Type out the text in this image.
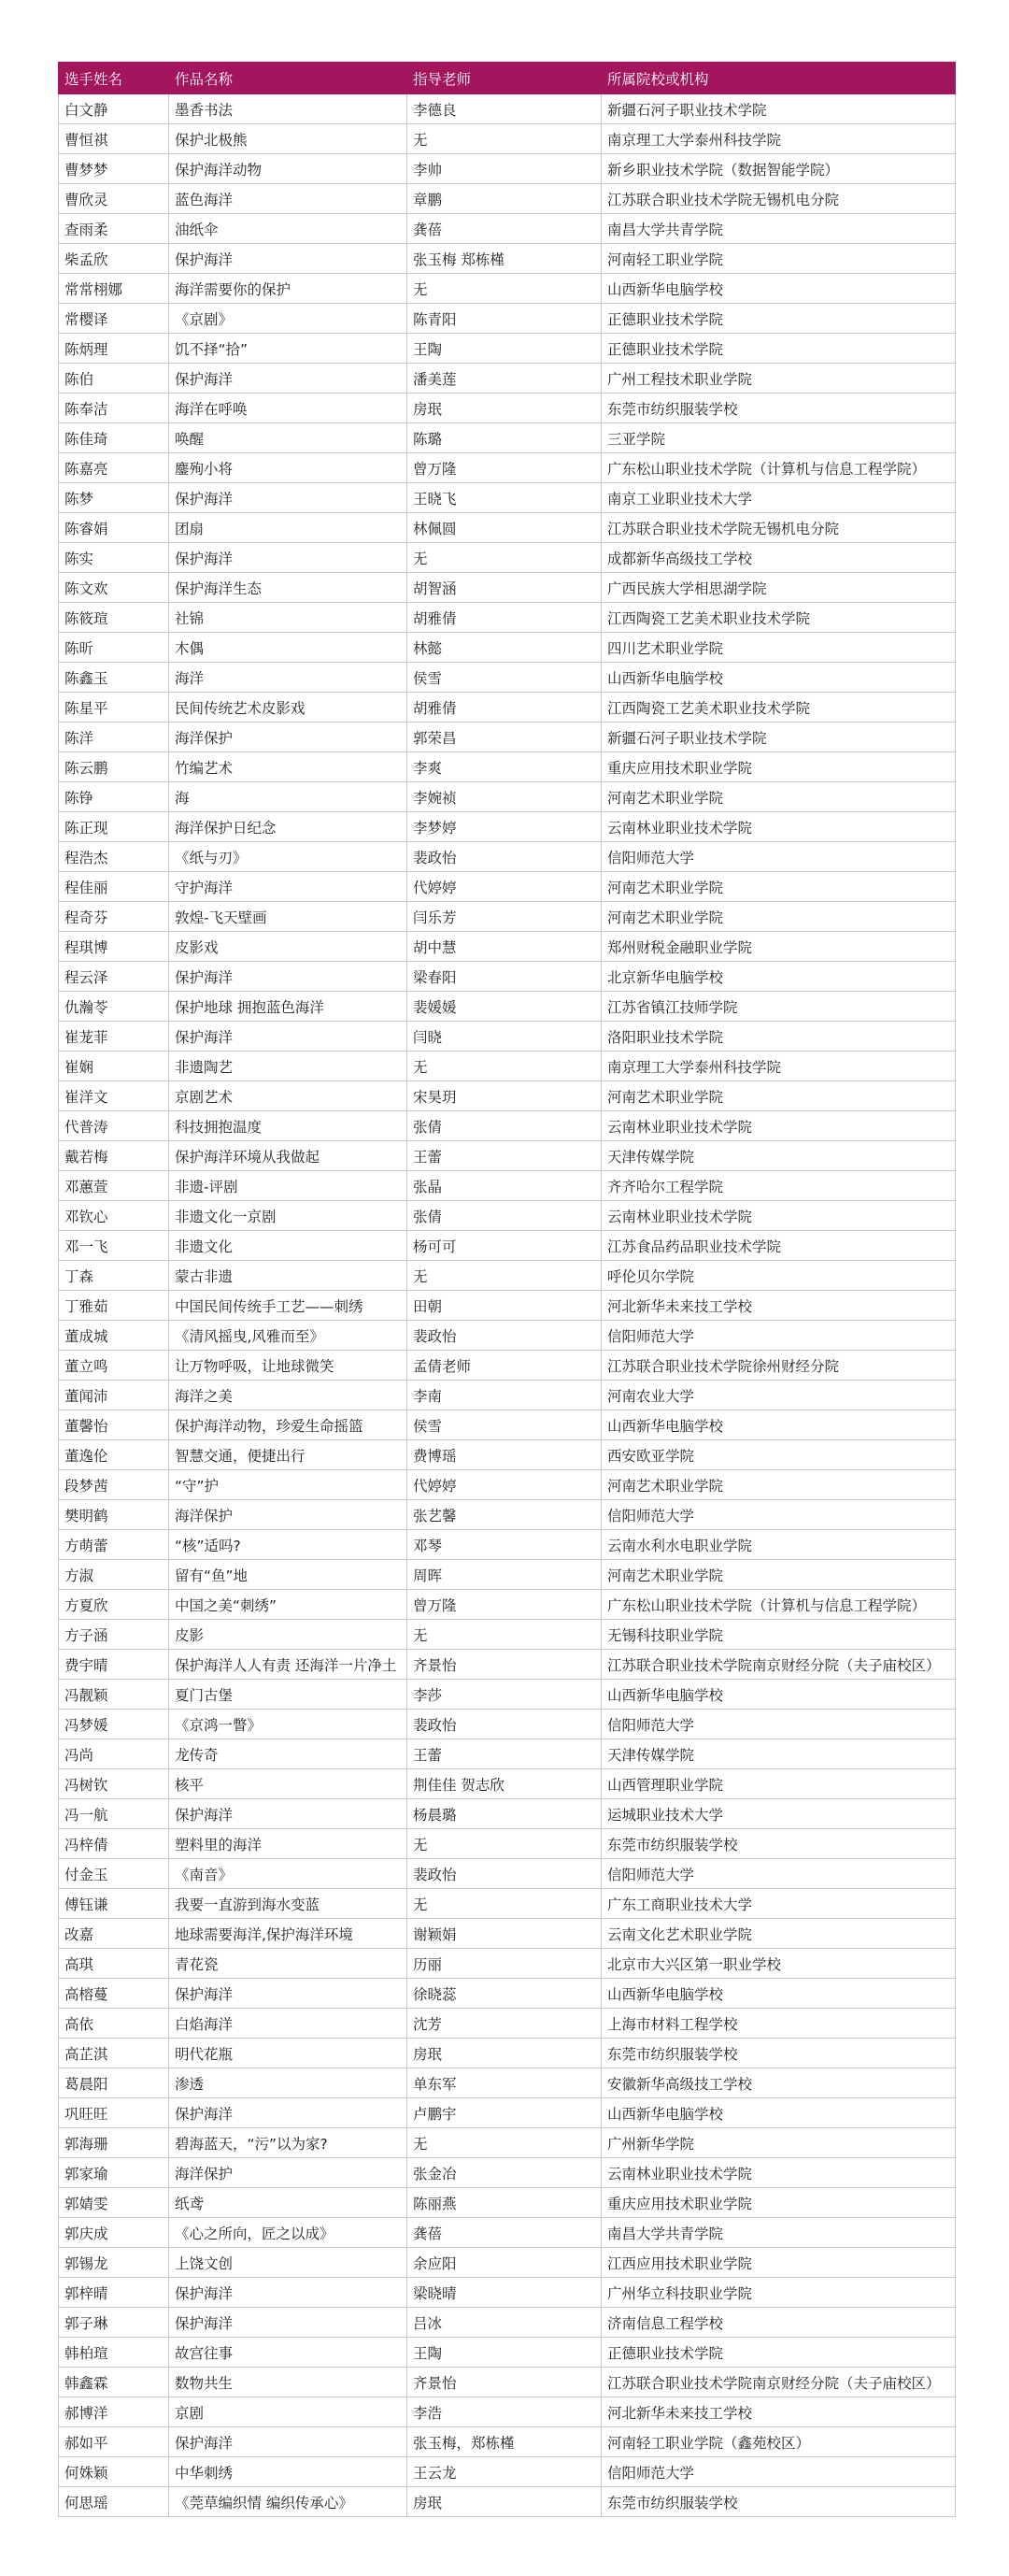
选手姓名	作品名称	指导老师	所属院校或机构
白文静	墨香书法	李德良	新疆石河子职业技术学院
曹恒祺	保护北极熊	无	南京理工大学泰州科技学院
曹梦梦	保护海洋动物	李帅	新乡职业技术学院（数据智能学院）
曹欣灵	蓝色海洋	章鹏	江苏联合职业技术学院无锡机电分院
查雨柔	油纸伞	龚蓓	南昌大学共青学院
柴孟欣	保护海洋	张玉梅 郑栋槿	河南轻工职业学院
常常栩娜	海洋需要你的保护	无	山西新华电脑学校
常樱译	《京剧》	陈青阳	正德职业技术学院
陈炳理	饥不择“拾”	王陶	正德职业技术学院
陈伯	保护海洋	潘美莲	广州工程技术职业学院
陈奉洁	海洋在呼唤	房珉	东莞市纺织服装学校
陈佳琦	唤醒	陈璐	三亚学院
陈嘉亮	鏖殉小将	曾万隆	广东松山职业技术学院（计算机与信息工程学院）
陈梦	保护海洋	王晓飞	南京工业职业技术大学
陈睿娟	团扇	林佩圆	江苏联合职业技术学院无锡机电分院
陈实	保护海洋	无	成都新华高级技工学校
陈文欢	保护海洋生态	胡智涵	广西民族大学相思湖学院
陈筱瑄	社锦	胡雅倩	江西陶瓷工艺美术职业技术学院
陈昕	木偶	林懿	四川艺术职业学院
陈鑫玉	海洋	侯雪	山西新华电脑学校
陈星平	民间传统艺术皮影戏	胡雅倩	江西陶瓷工艺美术职业技术学院
陈洋	海洋保护	郭荣昌	新疆石河子职业技术学院
陈云鹏	竹编艺术	李爽	重庆应用技术职业学院
陈铮	海	李婉祯	河南艺术职业学院
陈正现	海洋保护日纪念	李梦婷	云南林业职业技术学院
程浩杰	《纸与刃》	裴政怡	信阳师范大学
程佳丽	守护海洋	代婷婷	河南艺术职业学院
程奇芬	敦煌-飞天壁画	闫乐芳	河南艺术职业学院
程琪博	皮影戏	胡中慧	郑州财税金融职业学院
程云泽	保护海洋	梁春阳	北京新华电脑学校
仇瀚苓	保护地球 拥抱蓝色海洋	裴媛媛	江苏省镇江技师学院
崔茏菲	保护海洋	闫晓	洛阳职业技术学院
崔娴	非遗陶艺	无	南京理工大学泰州科技学院
崔洋文	京剧艺术	宋昊玥	河南艺术职业学院
代普涛	科技拥抱温度	张倩	云南林业职业技术学院
戴若梅	保护海洋环境从我做起	王蕾	天津传媒学院
邓蕙萱	非遗-评剧	张晶	齐齐哈尔工程学院
邓钦心	非遗文化一京剧	张倩	云南林业职业技术学院
邓一飞	非遗文化	杨可可	江苏食品药品职业技术学院
丁森	蒙古非遗	无	呼伦贝尔学院
丁雅茹	中国民间传统手工艺——刺绣	田朝	河北新华未来技工学校
董成城	《清风摇曳,风雅而至》	裴政怡	信阳师范大学
董立鸣	让万物呼吸，让地球微笑	孟倩老师	江苏联合职业技术学院徐州财经分院
董闻沛	海洋之美	李南	河南农业大学
董馨怡	保护海洋动物，珍爱生命摇篮	侯雪	山西新华电脑学校
董逸伦	智慧交通，便捷出行	费博瑶	西安欧亚学院
段梦茜	“守”护	代婷婷	河南艺术职业学院
樊明鹤	海洋保护	张艺馨	信阳师范大学
方萌蕾	“核”适吗?	邓琴	云南水利水电职业学院
方淑	留有“鱼”地	周晖	河南艺术职业学院
方夏欣	中国之美“刺绣”	曾万隆	广东松山职业技术学院（计算机与信息工程学院）
方子涵	皮影	无	无锡科技职业学院
费宇晴	保护海洋人人有责 还海洋一片净土	齐景怡	江苏联合职业技术学院南京财经分院（夫子庙校区）
冯靓颖	夏门古堡	李莎	山西新华电脑学校
冯梦媛	《京鸿一瞥》	裴政怡	信阳师范大学
冯尚	龙传奇	王蕾	天津传媒学院
冯树钦	核平	荆佳佳 贺志欣	山西管理职业学院
冯一航	保护海洋	杨晨璐	运城职业技术大学
冯梓倩	塑料里的海洋	无	东莞市纺织服装学校
付金玉	《南音》	裴政怡	信阳师范大学
傅钰谦	我要一直游到海水变蓝	无	广东工商职业技术大学
改嘉	地球需要海洋,保护海洋环境	谢颖娟	云南文化艺术职业学院
高琪	青花瓷	历丽	北京市大兴区第一职业学校
高榕蔓	保护海洋	徐晓蕊	山西新华电脑学校
高依	白焰海洋	沈芳	上海市材料工程学校
高芷淇	明代花瓶	房珉	东莞市纺织服装学校
葛晨阳	渗透	单东军	安徽新华高级技工学校
巩旺旺	保护海洋	卢鹏宇	山西新华电脑学校
郭海珊	碧海蓝天，“污”以为家?	无	广州新华学院
郭家瑜	海洋保护	张金冶	云南林业职业技术学院
郭婧雯	纸鸢	陈丽燕	重庆应用技术职业学院
郭庆成	《心之所向，匠之以成》	龚蓓	南昌大学共青学院
郭锡龙	上饶文创	余应阳	江西应用技术职业学院
郭梓晴	保护海洋	梁晓晴	广州华立科技职业学院
郭子琳	保护海洋	吕冰	济南信息工程学校
韩柏瑄	故宫往事	王陶	正德职业技术学院
韩鑫霖	数物共生	齐景怡	江苏联合职业技术学院南京财经分院（夫子庙校区）
郝博洋	京剧	李浩	河北新华未来技工学校
郝如平	保护海洋	张玉梅，郑栋槿	河南轻工职业学院（鑫苑校区）
何姝颖	中华刺绣	王云龙	信阳师范大学
何思瑶	《莞草编织情 编织传承心》	房珉	东莞市纺织服装学校
